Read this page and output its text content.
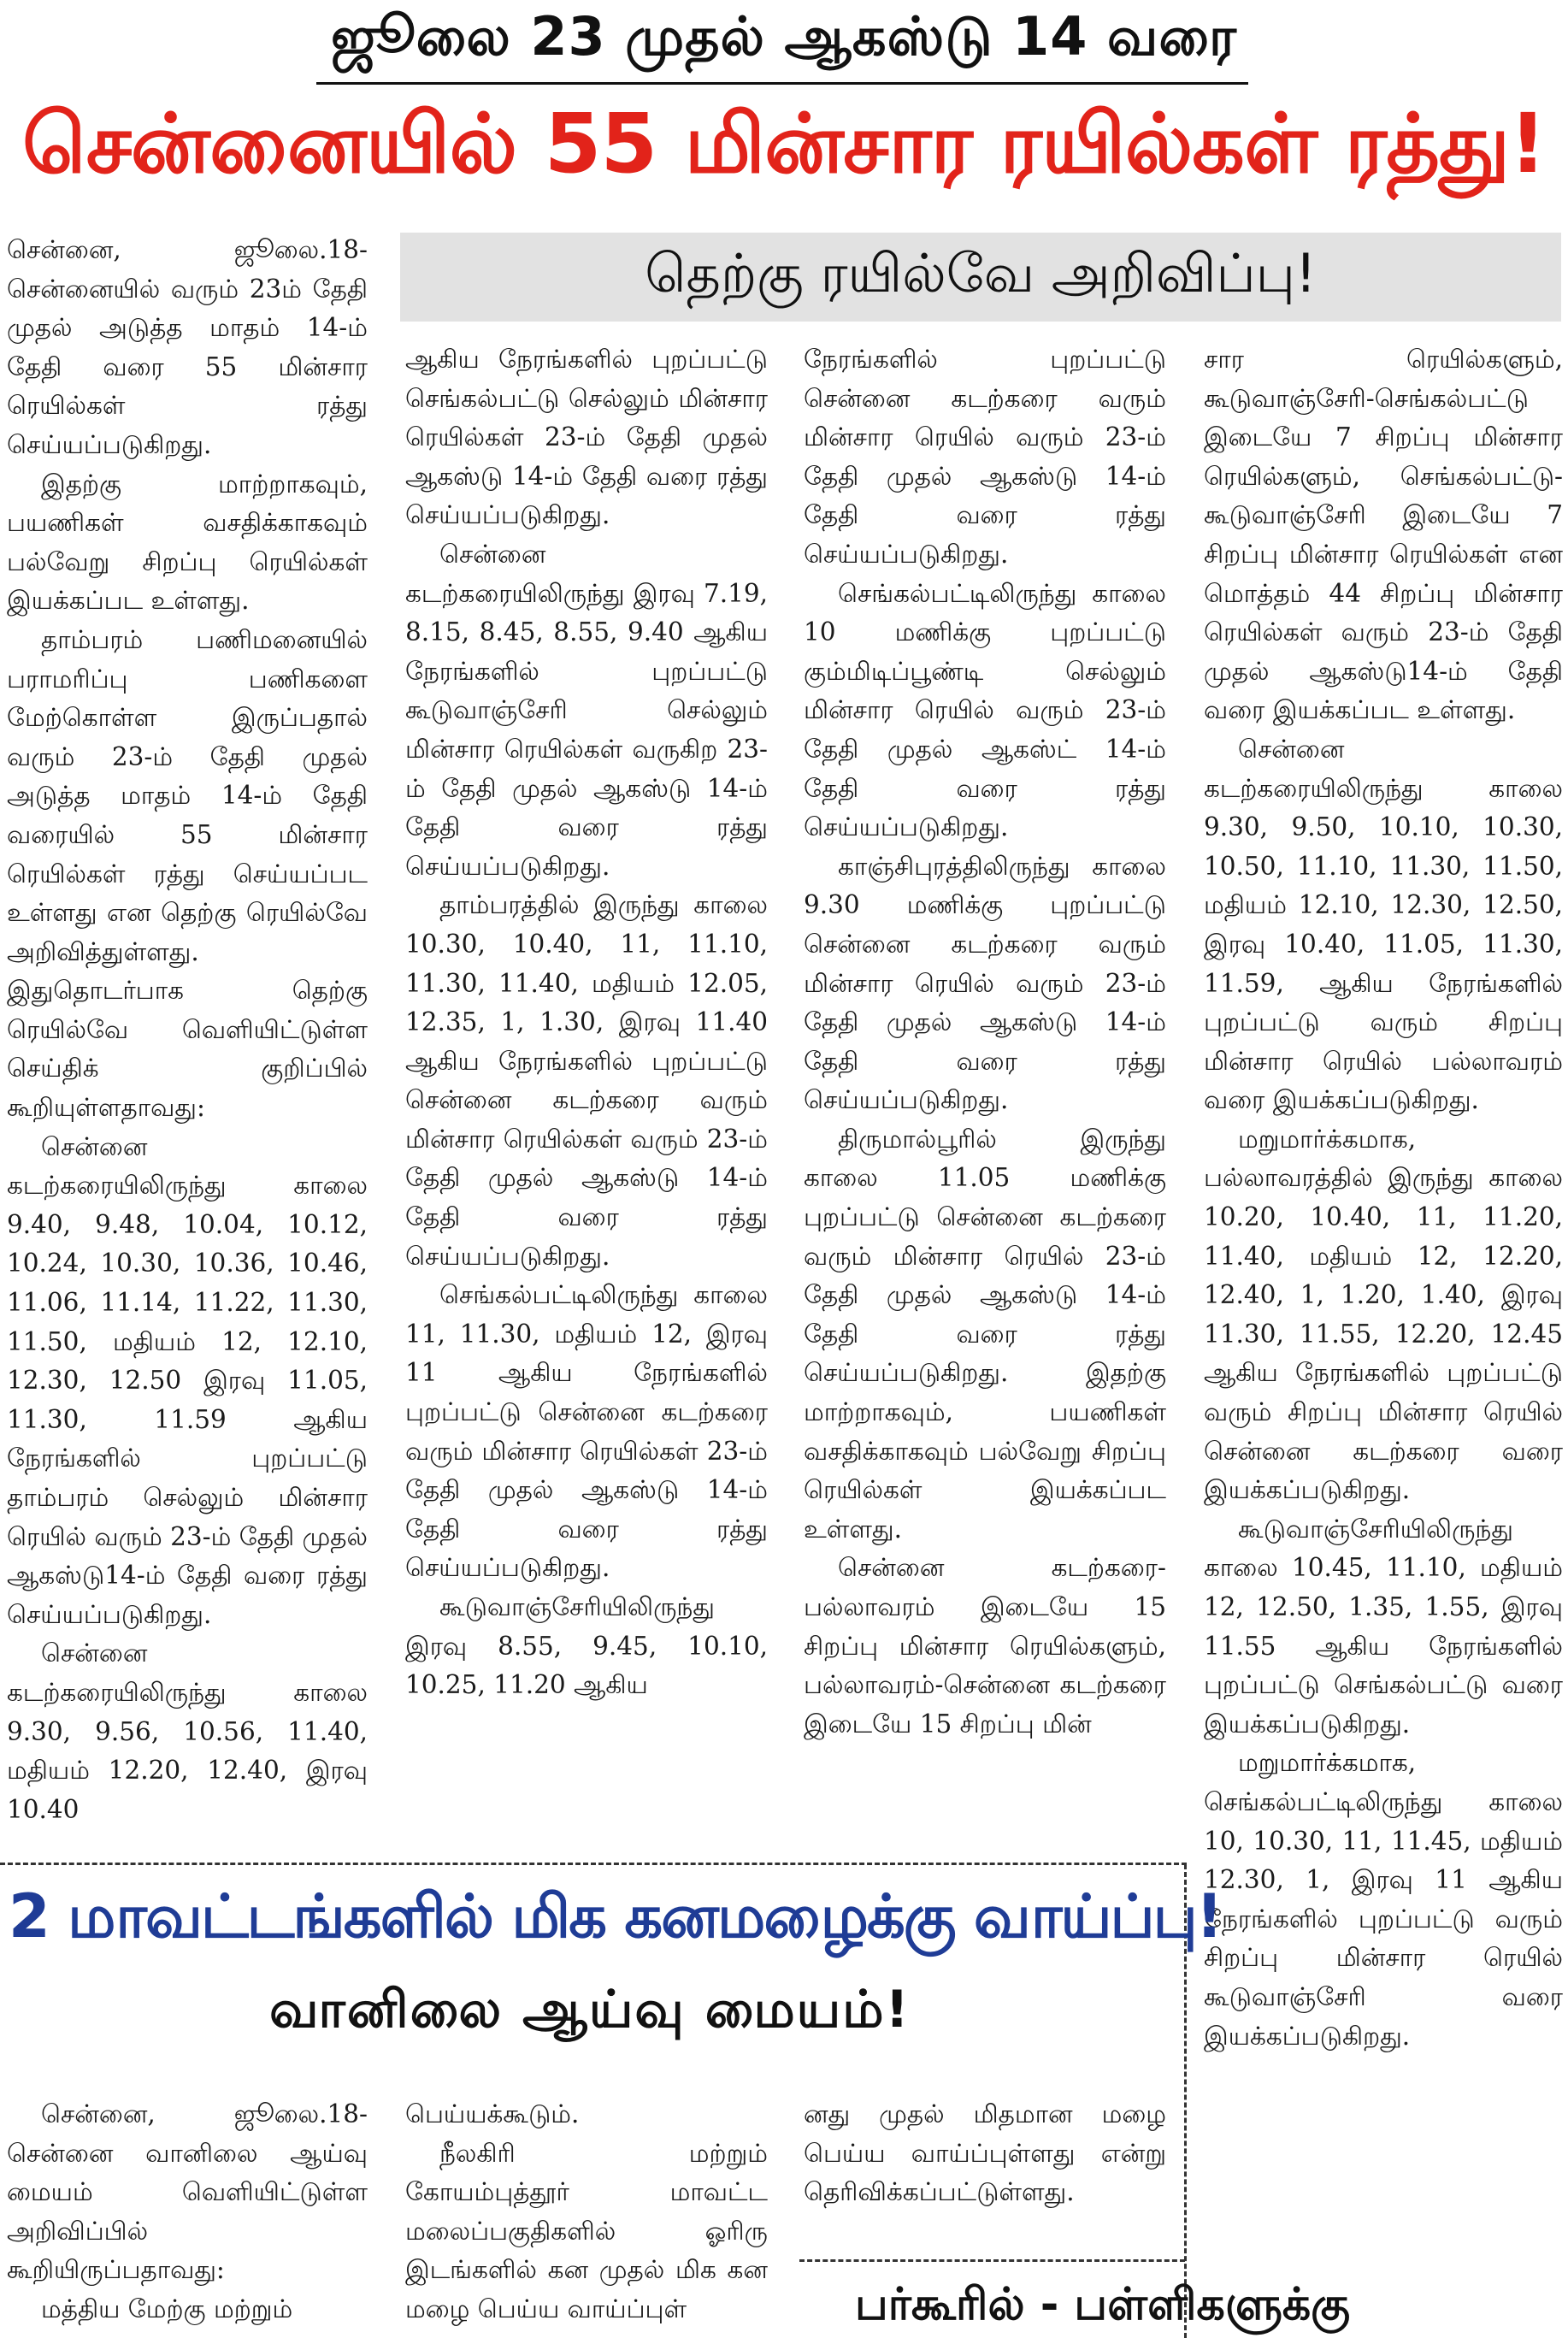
ஜூலை 23 முதல் ஆகஸ்டு 14 வரை
சென்னையில் 55 மின்சார ரயில்கள் ரத்து!
தெற்கு ரயில்வே அறிவிப்பு!

சென்னை, ஜூலை.18- சென்னையில் வரும் 23ம் தேதி முதல் அடுத்த மாதம் 14-ம் தேதி வரை 55 மின்சார ரெயில்கள் ரத்து செய்யப்படுகிறது.

இதற்கு மாற்றாகவும், பயணிகள் வசதிக்காகவும் பல்வேறு சிறப்பு ரெயில்கள் இயக்கப்பட உள்ளது.

தாம்பரம் பணிமனையில் பராமரிப்பு பணிகளை மேற்கொள்ள இருப்பதால் வரும் 23-ம் தேதி முதல் அடுத்த மாதம் 14-ம் தேதி வரையில் 55 மின்சார ரெயில்கள் ரத்து செய்யப்பட உள்ளது என தெற்கு ரெயில்வே அறிவித்துள்ளது. இதுதொடர்பாக தெற்கு ரெயில்வே வெளியிட்டுள்ள செய்திக் குறிப்பில் கூறியுள்ளதாவது:

சென்னை கடற்கரையிலிருந்து காலை 9.40, 9.48, 10.04, 10.12, 10.24, 10.30, 10.36, 10.46, 11.06, 11.14, 11.22, 11.30, 11.50, மதியம் 12, 12.10, 12.30, 12.50 இரவு 11.05, 11.30, 11.59 ஆகிய நேரங்களில் புறப்பட்டு தாம்பரம் செல்லும் மின்சார ரெயில் வரும் 23-ம் தேதி முதல் ஆகஸ்டு14-ம் தேதி வரை ரத்து செய்யப்படுகிறது.

சென்னை கடற்கரையிலிருந்து காலை 9.30, 9.56, 10.56, 11.40, மதியம் 12.20, 12.40, இரவு 10.40

ஆகிய நேரங்களில் புறப்பட்டு செங்கல்பட்டு செல்லும் மின்சார ரெயில்கள் 23-ம் தேதி முதல் ஆகஸ்டு 14-ம் தேதி வரை ரத்து செய்யப்படுகிறது.

சென்னை கடற்கரையிலிருந்து இரவு 7.19, 8.15, 8.45, 8.55, 9.40 ஆகிய நேரங்களில் புறப்பட்டு கூடுவாஞ்சேரி செல்லும் மின்சார ரெயில்கள் வருகிற 23-ம் தேதி முதல் ஆகஸ்டு 14-ம் தேதி வரை ரத்து செய்யப்படுகிறது.

தாம்பரத்தில் இருந்து காலை 10.30, 10.40, 11, 11.10, 11.30, 11.40, மதியம் 12.05, 12.35, 1, 1.30, இரவு 11.40 ஆகிய நேரங்களில் புறப்பட்டு சென்னை கடற்கரை வரும் மின்சார ரெயில்கள் வரும் 23-ம் தேதி முதல் ஆகஸ்டு 14-ம் தேதி வரை ரத்து செய்யப்படுகிறது.

செங்கல்பட்டிலிருந்து காலை 11, 11.30, மதியம் 12, இரவு 11 ஆகிய நேரங்களில் புறப்பட்டு சென்னை கடற்கரை வரும் மின்சார ரெயில்கள் 23-ம் தேதி முதல் ஆகஸ்டு 14-ம் தேதி வரை ரத்து செய்யப்படுகிறது.

கூடுவாஞ்சேரியிலிருந்து இரவு 8.55, 9.45, 10.10, 10.25, 11.20 ஆகிய

நேரங்களில் புறப்பட்டு சென்னை கடற்கரை வரும் மின்சார ரெயில் வரும் 23-ம் தேதி முதல் ஆகஸ்டு 14-ம் தேதி வரை ரத்து செய்யப்படுகிறது.

செங்கல்பட்டிலிருந்து காலை 10 மணிக்கு புறப்பட்டு கும்மிடிப்பூண்டி செல்லும் மின்சார ரெயில் வரும் 23-ம் தேதி முதல் ஆகஸ்ட் 14-ம் தேதி வரை ரத்து செய்யப்படுகிறது.

காஞ்சிபுரத்திலிருந்து காலை 9.30 மணிக்கு புறப்பட்டு சென்னை கடற்கரை வரும் மின்சார ரெயில் வரும் 23-ம் தேதி முதல் ஆகஸ்டு 14-ம் தேதி வரை ரத்து செய்யப்படுகிறது.

திருமால்பூரில் இருந்து காலை 11.05 மணிக்கு புறப்பட்டு சென்னை கடற்கரை வரும் மின்சார ரெயில் 23-ம் தேதி முதல் ஆகஸ்டு 14-ம் தேதி வரை ரத்து செய்யப்படுகிறது. இதற்கு மாற்றாகவும், பயணிகள் வசதிக்காகவும் பல்வேறு சிறப்பு ரெயில்கள் இயக்கப்பட உள்ளது.

சென்னை கடற்கரை-பல்லாவரம் இடையே 15 சிறப்பு மின்சார ரெயில்களும், பல்லாவரம்-சென்னை கடற்கரை இடையே 15 சிறப்பு மின்

சார ரெயில்களும், கூடுவாஞ்சேரி-செங்கல்பட்டு இடையே 7 சிறப்பு மின்சார ரெயில்களும், செங்கல்பட்டு-கூடுவாஞ்சேரி இடையே 7 சிறப்பு மின்சார ரெயில்கள் என மொத்தம் 44 சிறப்பு மின்சார ரெயில்கள் வரும் 23-ம் தேதி முதல் ஆகஸ்டு14-ம் தேதி வரை இயக்கப்பட உள்ளது.

சென்னை கடற்கரையிலிருந்து காலை 9.30, 9.50, 10.10, 10.30, 10.50, 11.10, 11.30, 11.50, மதியம் 12.10, 12.30, 12.50, இரவு 10.40, 11.05, 11.30, 11.59, ஆகிய நேரங்களில் புறப்பட்டு வரும் சிறப்பு மின்சார ரெயில் பல்லாவரம் வரை இயக்கப்படுகிறது.

மறுமார்க்கமாக, பல்லாவரத்தில் இருந்து காலை 10.20, 10.40, 11, 11.20, 11.40, மதியம் 12, 12.20, 12.40, 1, 1.20, 1.40, இரவு 11.30, 11.55, 12.20, 12.45 ஆகிய நேரங்களில் புறப்பட்டு வரும் சிறப்பு மின்சார ரெயில் சென்னை கடற்கரை வரை இயக்கப்படுகிறது.

கூடுவாஞ்சேரியிலிருந்து காலை 10.45, 11.10, மதியம் 12, 12.50, 1.35, 1.55, இரவு 11.55 ஆகிய நேரங்களில் புறப்பட்டு செங்கல்பட்டு வரை இயக்கப்படுகிறது.

மறுமார்க்கமாக, செங்கல்பட்டிலிருந்து காலை 10, 10.30, 11, 11.45, மதியம் 12.30, 1, இரவு 11 ஆகிய நேரங்களில் புறப்பட்டு வரும் சிறப்பு மின்சார ரெயில் கூடுவாஞ்சேரி வரை இயக்கப்படுகிறது.

2 மாவட்டங்களில் மிக கனமழைக்கு வாய்ப்பு!
வானிலை ஆய்வு மையம்!

சென்னை, ஜூலை.18- சென்னை வானிலை ஆய்வு மையம் வெளியிட்டுள்ள அறிவிப்பில் கூறியிருப்பதாவது:

மத்திய மேற்கு மற்றும்

பெய்யக்கூடும்.

நீலகிரி மற்றும் கோயம்புத்தூர் மாவட்ட மலைப்பகுதிகளில் ஓரிரு இடங்களில் கன முதல் மிக கன மழை பெய்ய வாய்ப்புள்

னது முதல் மிதமான மழை பெய்ய வாய்ப்புள்ளது என்று தெரிவிக்கப்பட்டுள்ளது.

பர்கூரில் - பள்ளிகளுக்கு
